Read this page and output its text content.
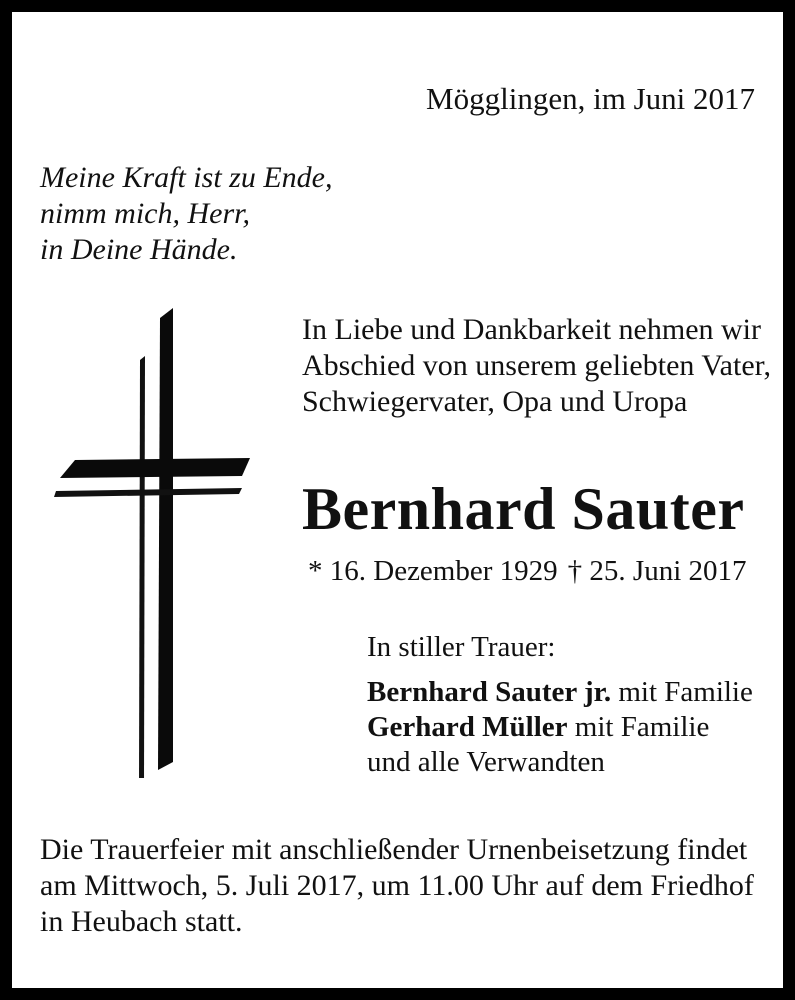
Mögglingen, im Juni 2017
Meine Kraft ist zu Ende,
nimm mich, Herr,
in Deine Hände.
In Liebe und Dankbarkeit nehmen wir
Abschied von unserem geliebten Vater,
Schwiegervater, Opa und Uropa
Bernhard Sauter
* 16. Dezember 1929 † 25. Juni 2017
In stiller Trauer:
Bernhard Sauter jr. mit Familie
Gerhard Müller mit Familie
und alle Verwandten
Die Trauerfeier mit anschließender Urnenbeisetzung findet
am Mittwoch, 5. Juli 2017, um 11.00 Uhr auf dem Friedhof
in Heubach statt.
